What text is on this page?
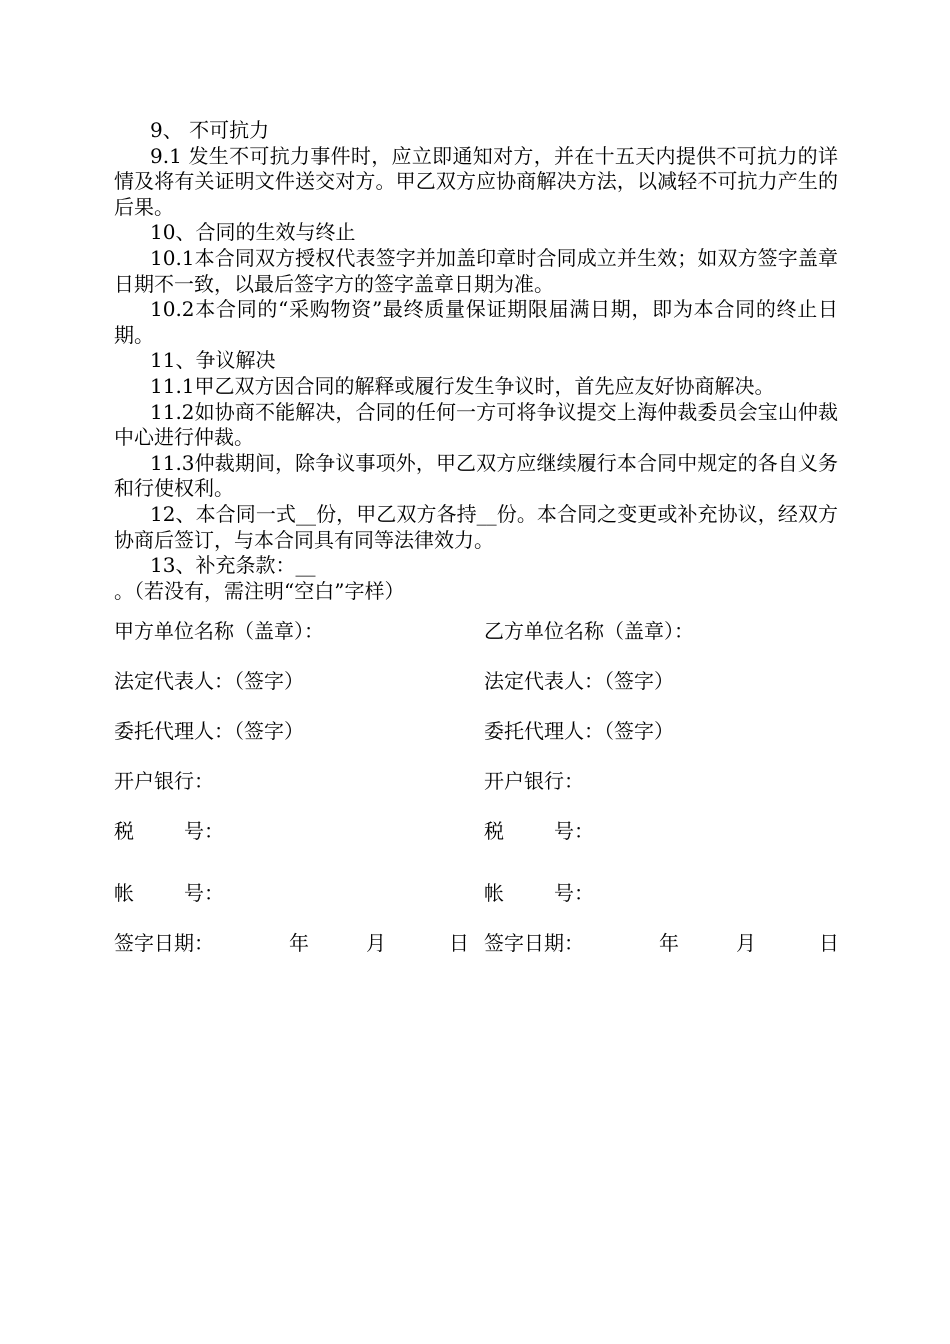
9、 不可抗力

9.1 发生不可抗力事件时，应立即通知对方，并在十五天内提供不可抗力的详情及将有关证明文件送交对方。甲乙双方应协商解决方法，以减轻不可抗力产生的后果。

10、合同的生效与终止

10.1本合同双方授权代表签字并加盖印章时合同成立并生效；如双方签字盖章日期不一致，以最后签字方的签字盖章日期为准。

10.2本合同的“采购物资”最终质量保证期限届满日期，即为本合同的终止日期。

11、争议解决

11.1甲乙双方因合同的解释或履行发生争议时，首先应友好协商解决。

11.2如协商不能解决，合同的任何一方可将争议提交上海仲裁委员会宝山仲裁中心进行仲裁。

11.3仲裁期间，除争议事项外，甲乙双方应继续履行本合同中规定的各自义务和行使权利。

12、本合同一式__份，甲乙双方各持__份。本合同之变更或补充协议，经双方协商后签订，与本合同具有同等法律效力。

13、补充条款：__

。（若没有，需注明“空白”字样）

甲方单位名称（盖章）：	乙方单位名称（盖章）：
法定代表人：（签字）	法定代表人：（签字）
委托代理人：（签字）	委托代理人：（签字）
开户银行：	开户银行：
税	号：	税	号：
帐	号：	帐	号：
签字日期：	年	月	日 签字日期：	年	月	日
